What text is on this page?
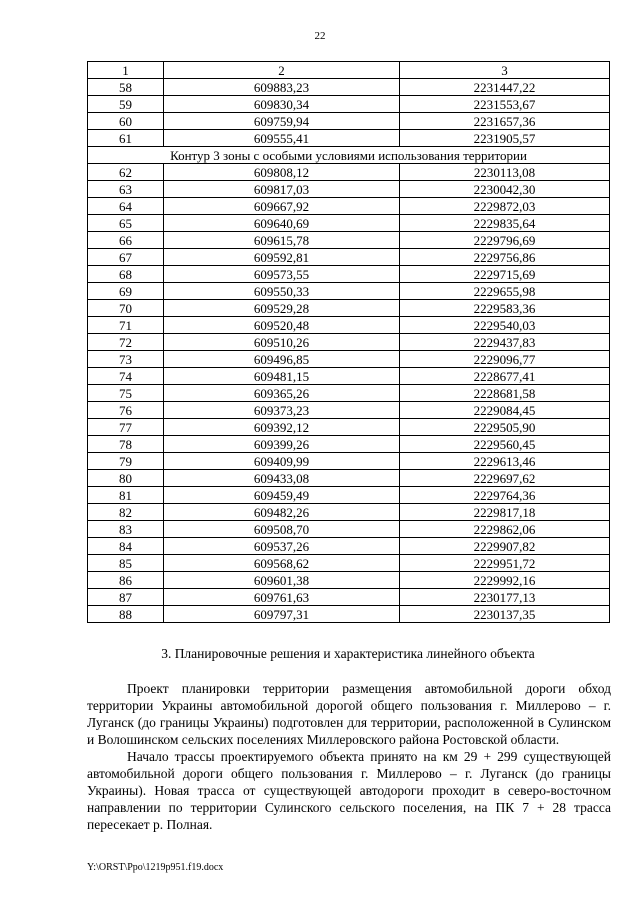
22
1	2	3
58	609883,23	2231447,22
59	609830,34	2231553,67
60	609759,94	2231657,36
61	609555,41	2231905,57
Контур 3 зоны с особыми условиями использования территории		
62	609808,12	2230113,08
63	609817,03	2230042,30
64	609667,92	2229872,03
65	609640,69	2229835,64
66	609615,78	2229796,69
67	609592,81	2229756,86
68	609573,55	2229715,69
69	609550,33	2229655,98
70	609529,28	2229583,36
71	609520,48	2229540,03
72	609510,26	2229437,83
73	609496,85	2229096,77
74	609481,15	2228677,41
75	609365,26	2228681,58
76	609373,23	2229084,45
77	609392,12	2229505,90
78	609399,26	2229560,45
79	609409,99	2229613,46
80	609433,08	2229697,62
81	609459,49	2229764,36
82	609482,26	2229817,18
83	609508,70	2229862,06
84	609537,26	2229907,82
85	609568,62	2229951,72
86	609601,38	2229992,16
87	609761,63	2230177,13
88	609797,31	2230137,35
3. Планировочные решения и характеристика линейного объекта

Проект планировки территории размещения автомобильной дороги обход территории Украины автомобильной дорогой общего пользования г. Миллерово – г. Луганск (до границы Украины) подготовлен для территории, расположенной в Сулинском и Волошинском сельских поселениях Миллеровского района Ростовской области.

Начало трассы проектируемого объекта принято на км 29 + 299 существующей автомобильной дороги общего пользования г. Миллерово – г. Луганск (до границы Украины). Новая трасса от существующей автодороги проходит в северо-восточном направлении по территории Сулинского сельского поселения, на ПК 7 + 28 трасса пересекает р. Полная.

Y:\ORST\Ppo\1219p951.f19.docx
